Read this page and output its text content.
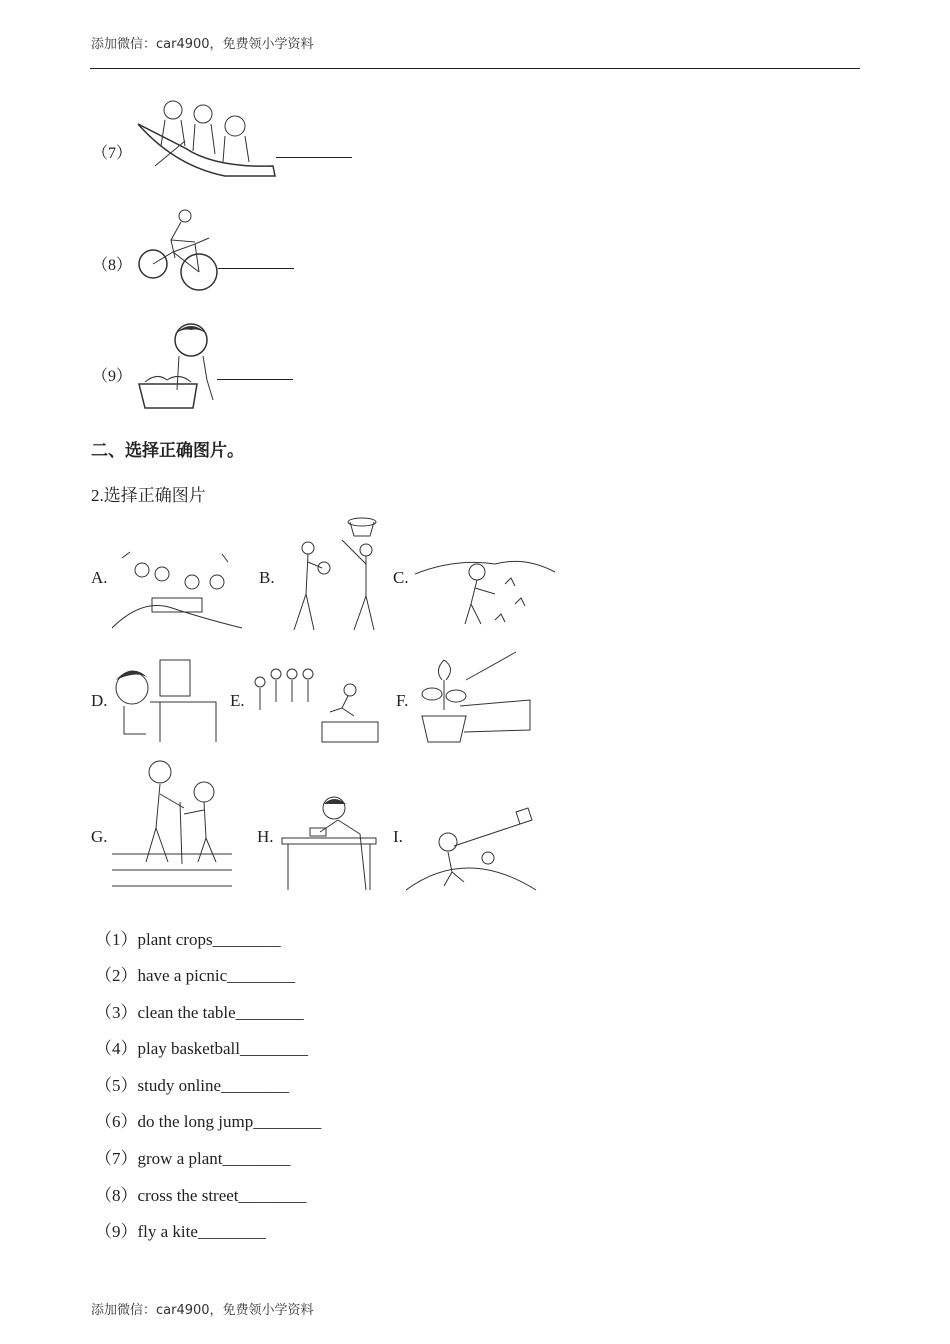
添加微信：car4900，免费领小学资料
（7）
（8）
（9）
二、选择正确图片。
2.选择正确图片
A.	B.	C.
D.	E.	F.
G.	H.	I.
（1）plant crops________
（2）have a picnic________
（3）clean the table________
（4）play basketball________
（5）study online________
（6）do the long jump________
（7）grow a plant________
（8）cross the street________
（9）fly a kite________
添加微信：car4900，免费领小学资料
